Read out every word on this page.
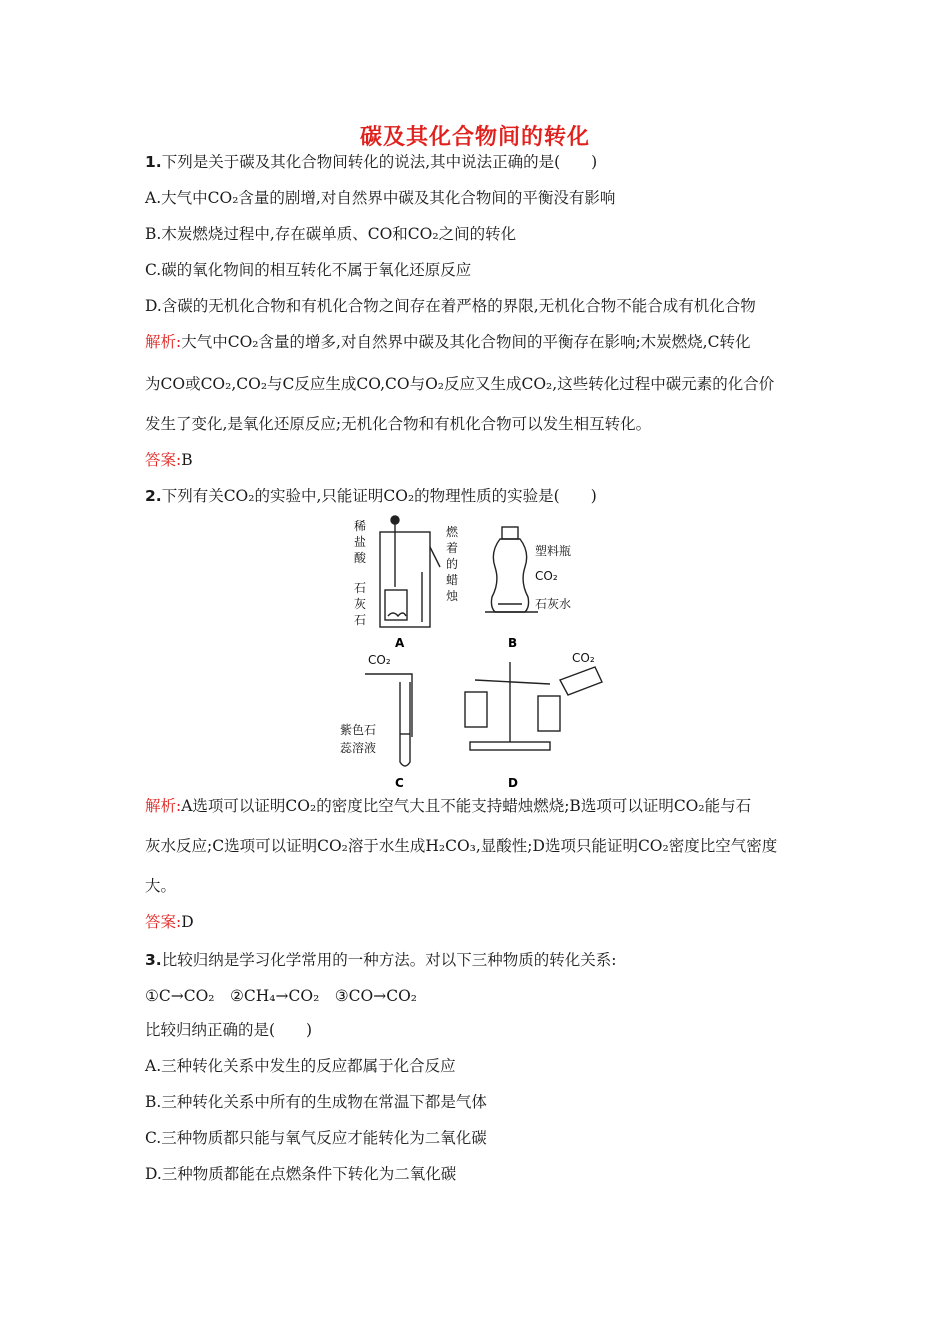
碳及其化合物间的转化
1.下列是关于碳及其化合物间转化的说法,其中说法正确的是(　　)
A.大气中CO₂含量的剧增,对自然界中碳及其化合物间的平衡没有影响
B.木炭燃烧过程中,存在碳单质、CO和CO₂之间的转化
C.碳的氧化物间的相互转化不属于氧化还原反应
D.含碳的无机化合物和有机化合物之间存在着严格的界限,无机化合物不能合成有机化合物
解析:大气中CO₂含量的增多,对自然界中碳及其化合物间的平衡存在影响;木炭燃烧,C转化
为CO或CO₂,CO₂与C反应生成CO,CO与O₂反应又生成CO₂,这些转化过程中碳元素的化合价
发生了变化,是氧化还原反应;无机化合物和有机化合物可以发生相互转化。
答案:B
2.下列有关CO₂的实验中,只能证明CO₂的物理性质的实验是(　　)
稀
盐
酸
石
灰
石
燃
着
的
蜡
烛
A
塑料瓶
CO₂
石灰水
B
CO₂
紫色石
蕊溶液
C
CO₂
D
解析:A选项可以证明CO₂的密度比空气大且不能支持蜡烛燃烧;B选项可以证明CO₂能与石
灰水反应;C选项可以证明CO₂溶于水生成H₂CO₃,显酸性;D选项只能证明CO₂密度比空气密度
大。
答案:D
3.比较归纳是学习化学常用的一种方法。对以下三种物质的转化关系:
①C→CO₂　②CH₄→CO₂　③CO→CO₂
比较归纳正确的是(　　)
A.三种转化关系中发生的反应都属于化合反应
B.三种转化关系中所有的生成物在常温下都是气体
C.三种物质都只能与氧气反应才能转化为二氧化碳
D.三种物质都能在点燃条件下转化为二氧化碳
